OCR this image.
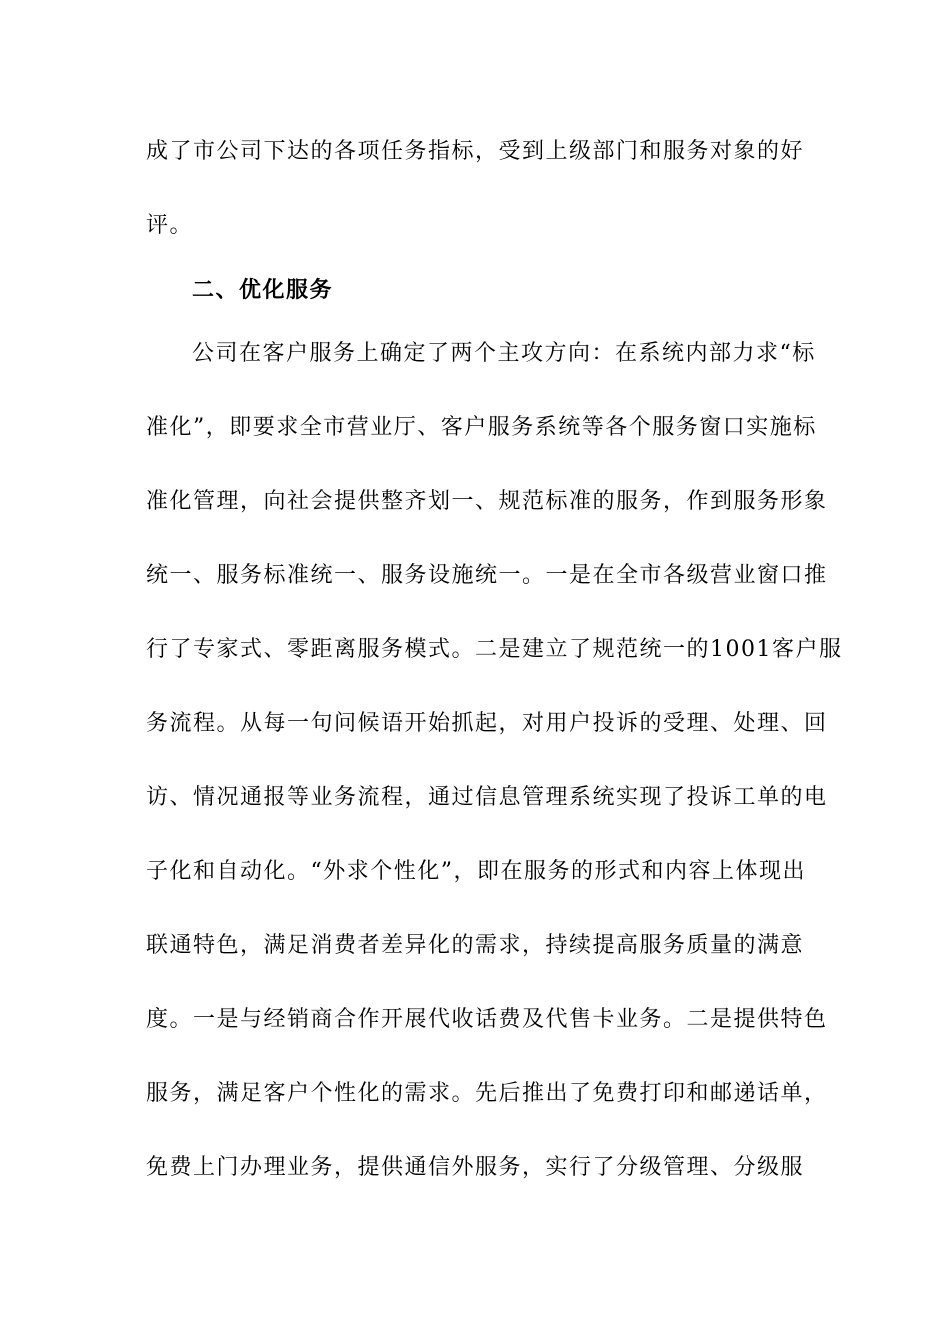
成了市公司下达的各项任务指标，受到上级部门和服务对象的好
评。
二、优化服务
公司在客户服务上确定了两个主攻方向：在系统内部力求“标
准化”，即要求全市营业厅、客户服务系统等各个服务窗口实施标
准化管理，向社会提供整齐划一、规范标准的服务，作到服务形象
统一、服务标准统一、服务设施统一。一是在全市各级营业窗口推
行了专家式、零距离服务模式。二是建立了规范统一的1001客户服
务流程。从每一句问候语开始抓起，对用户投诉的受理、处理、回
访、情况通报等业务流程，通过信息管理系统实现了投诉工单的电
子化和自动化。“外求个性化”，即在服务的形式和内容上体现出
联通特色，满足消费者差异化的需求，持续提高服务质量的满意
度。一是与经销商合作开展代收话费及代售卡业务。二是提供特色
服务，满足客户个性化的需求。先后推出了免费打印和邮递话单，
免费上门办理业务，提供通信外服务，实行了分级管理、分级服
